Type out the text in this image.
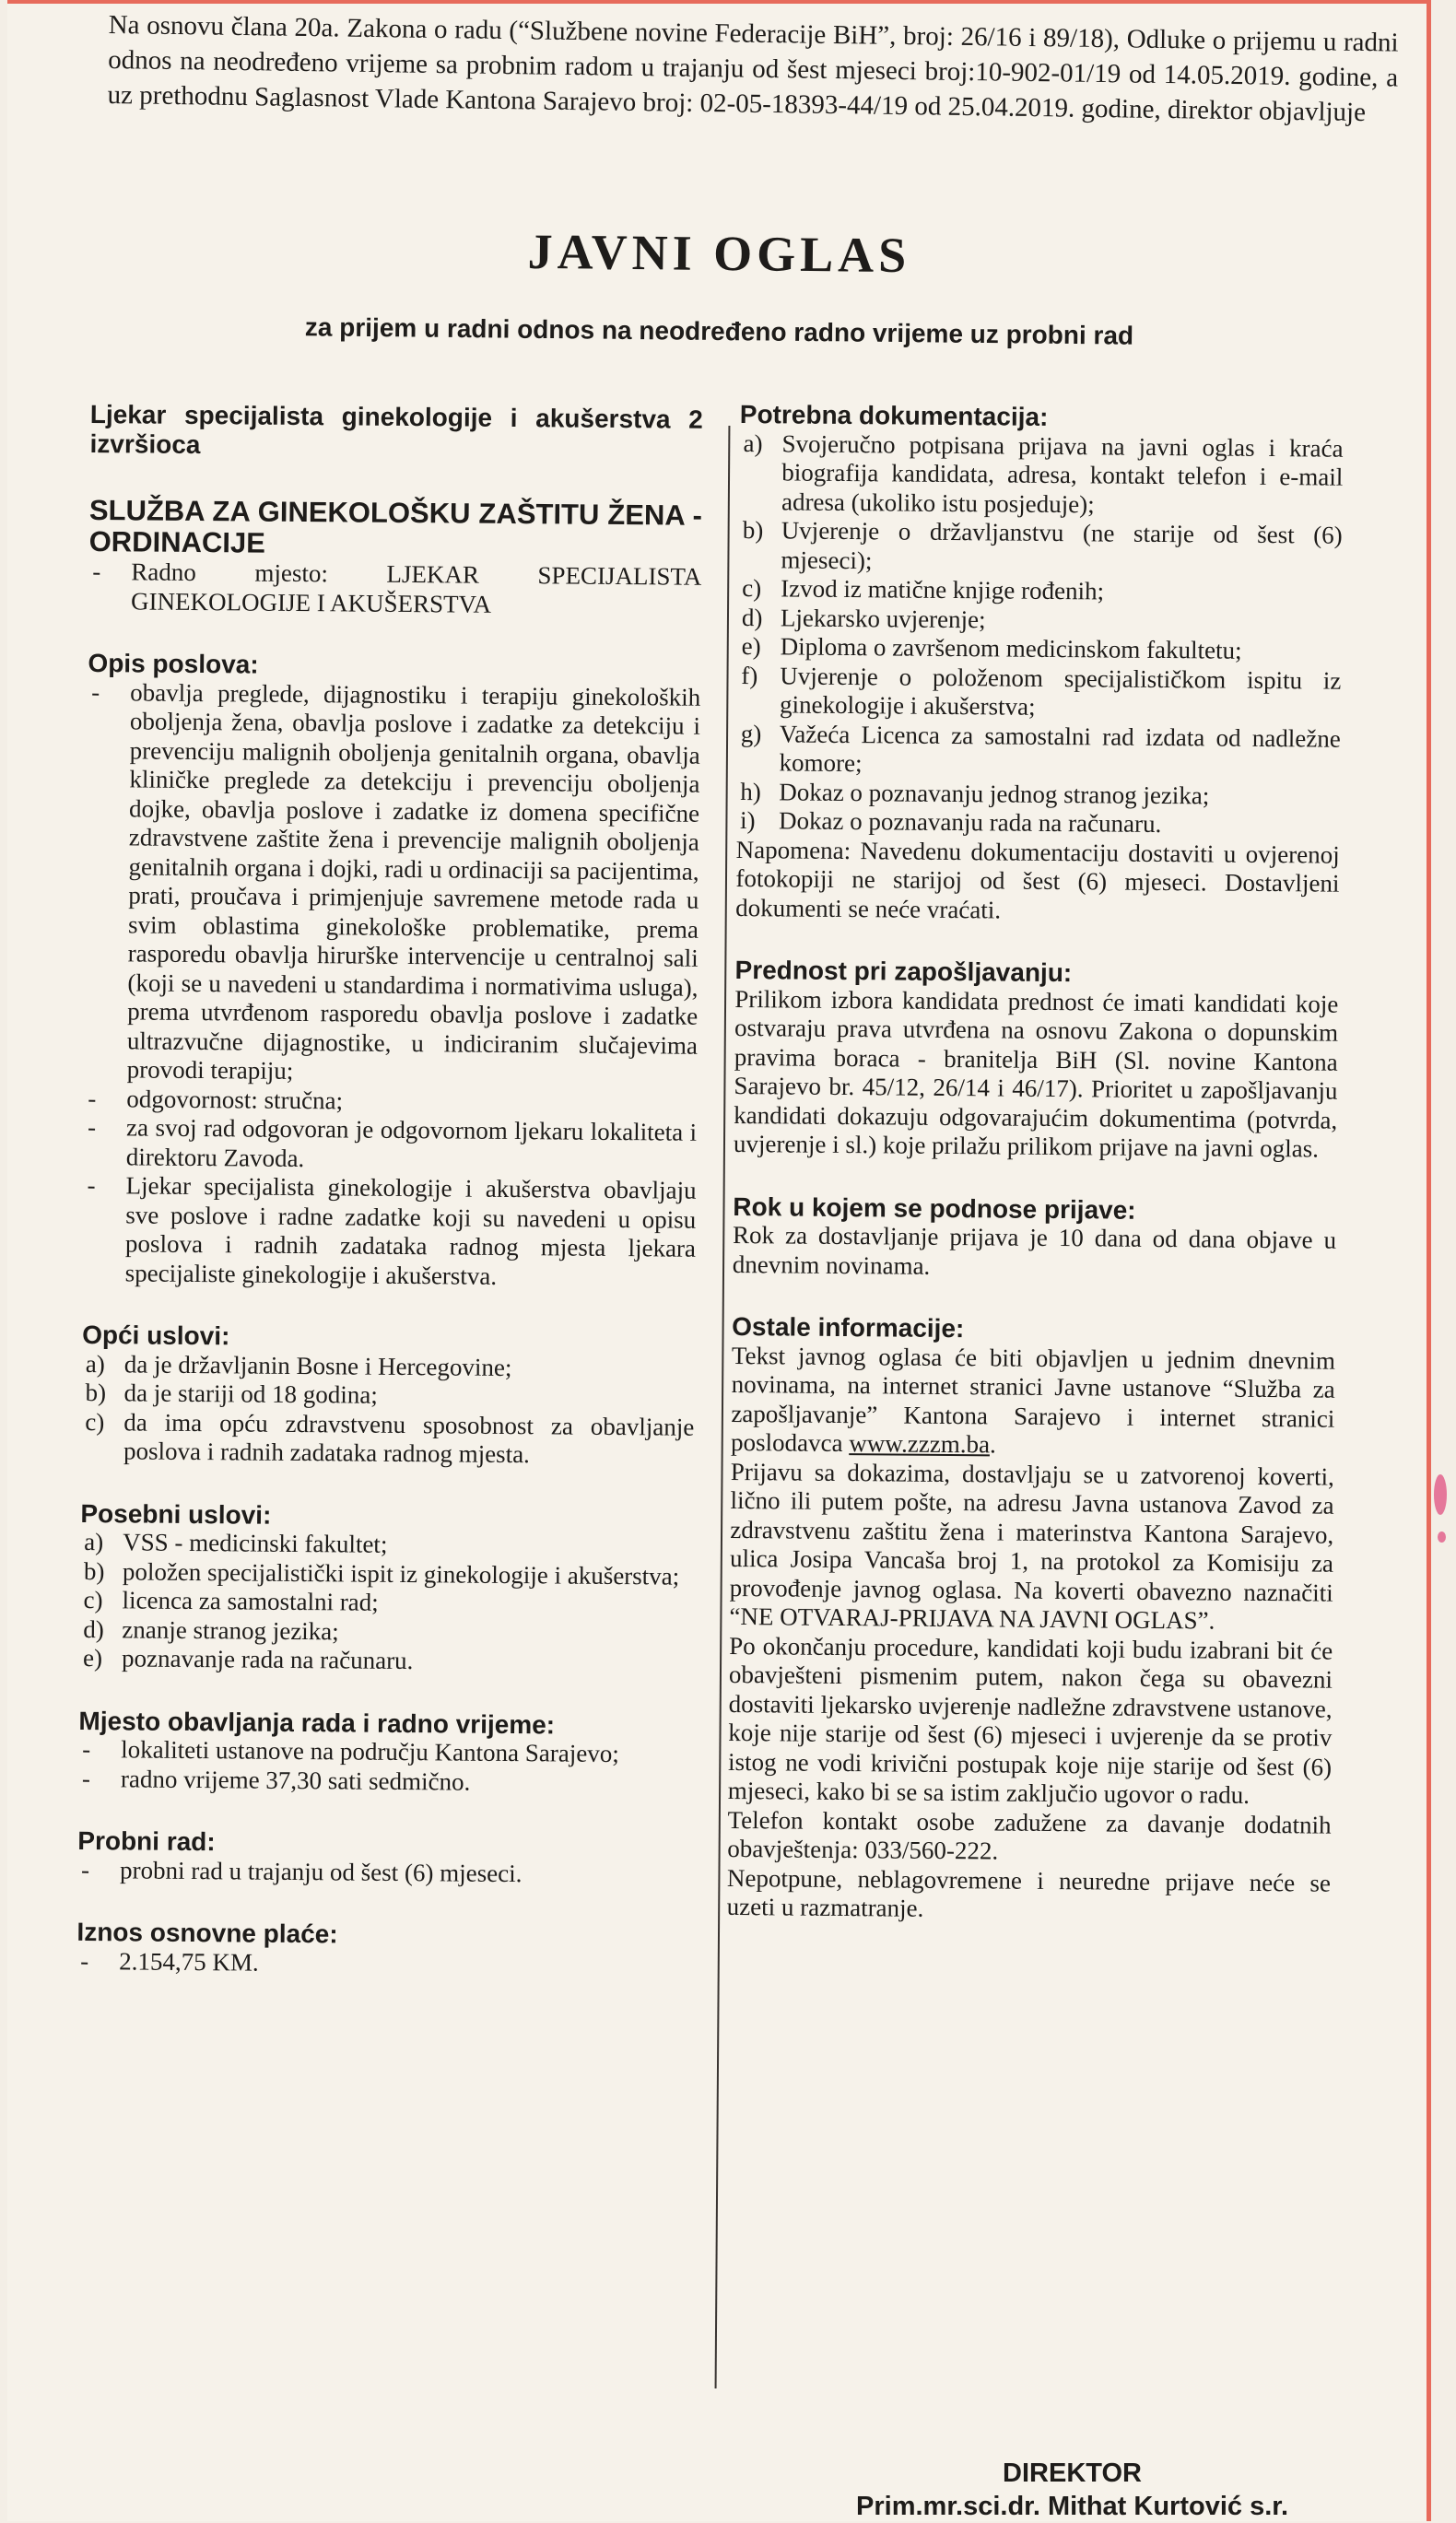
Na osnovu člana 20a. Zakona o radu (“Službene novine Federacije BiH”, broj: 26/16 i 89/18), Odluke o prijemu u radni odnos na neodređeno vrijeme sa probnim radom u trajanju od šest mjeseci broj:10-902-01/19 od 14.05.2019. godine, a uz prethodnu Saglasnost Vlade Kantona Sarajevo broj: 02-05-18393-44/19 od 25.04.2019. godine, direktor objavljuje

JAVNI OGLAS
za prijem u radni odnos na neodređeno radno vrijeme uz probni rad
Ljekar specijalista ginekologije i akušerstva 2 izvršioca
SLUŽBA ZA GINEKOLOŠKU ZAŠTITU ŽENA - ORDINACIJE
-	Radno mjesto: LJEKAR SPECIJALISTA GINEKOLOGIJE I AKUŠERSTVA
Opis poslova:
-	obavlja preglede, dijagnostiku i terapiju ginekoloških oboljenja žena, obavlja poslove i zadatke za detekciju i prevenciju malignih oboljenja genitalnih organa, obavlja kliničke preglede za detekciju i prevenciju oboljenja dojke, obavlja poslove i zadatke iz domena specifične zdravstvene zaštite žena i prevencije malignih oboljenja genitalnih organa i dojki, radi u ordinaciji sa pacijentima, prati, proučava i primjenjuje savremene metode rada u svim oblastima ginekološke problematike, prema rasporedu obavlja hirurške intervencije u centralnoj sali (koji se u navedeni u standardima i normativima usluga), prema utvrđenom rasporedu obavlja poslove i zadatke ultrazvučne dijagnostike, u indiciranim slučajevima provodi terapiju;
-	odgovornost: stručna;
-	za svoj rad odgovoran je odgovornom ljekaru lokaliteta i direktoru Zavoda.
-	Ljekar specijalista ginekologije i akušerstva obavljaju sve poslove i radne zadatke koji su navedeni u opisu poslova i radnih zadataka radnog mjesta ljekara specijaliste ginekologije i akušerstva.
Opći uslovi:
a) da je državljanin Bosne i Hercegovine;
b) da je stariji od 18 godina;
c) da ima opću zdravstvenu sposobnost za obavljanje poslova i radnih zadataka radnog mjesta.
Posebni uslovi:
a) VSS - medicinski fakultet;
b) položen specijalistički ispit iz ginekologije i akušerstva;
c) licenca za samostalni rad;
d) znanje stranog jezika;
e) poznavanje rada na računaru.
Mjesto obavljanja rada i radno vrijeme:
-	lokaliteti ustanove na području Kantona Sarajevo;
-	radno vrijeme 37,30 sati sedmično.
Probni rad:
-	probni rad u trajanju od šest (6) mjeseci.
Iznos osnovne plaće:
-	2.154,75 KM.
Potrebna dokumentacija:
a) Svojeručno potpisana prijava na javni oglas i kraća biografija kandidata, adresa, kontakt telefon i e-mail adresa (ukoliko istu posjeduje);
b) Uvjerenje o državljanstvu (ne starije od šest (6) mjeseci);
c) Izvod iz matične knjige rođenih;
d) Ljekarsko uvjerenje;
e) Diploma o završenom medicinskom fakultetu;
f) Uvjerenje o položenom specijalističkom ispitu iz ginekologije i akušerstva;
g) Važeća Licenca za samostalni rad izdata od nadležne komore;
h) Dokaz o poznavanju jednog stranog jezika;
i) Dokaz o poznavanju rada na računaru.

Napomena: Navedenu dokumentaciju dostaviti u ovjerenoj fotokopiji ne starijoj od šest (6) mjeseci. Dostavljeni dokumenti se neće vraćati.

Prednost pri zapošljavanju:

Prilikom izbora kandidata prednost će imati kandidati koje ostvaraju prava utvrđena na osnovu Zakona o dopunskim pravima boraca - branitelja BiH (Sl. novine Kantona Sarajevo br. 45/12, 26/14 i 46/17). Prioritet u zapošljavanju kandidati dokazuju odgovarajućim dokumentima (potvrda, uvjerenje i sl.) koje prilažu prilikom prijave na javni oglas.

Rok u kojem se podnose prijave:

Rok za dostavljanje prijava je 10 dana od dana objave u dnevnim novinama.

Ostale informacije:

Tekst javnog oglasa će biti objavljen u jednim dnevnim novinama, na internet stranici Javne ustanove “Služba za zapošljavanje” Kantona Sarajevo i internet stranici poslodavca www.zzzm.ba.

Prijavu sa dokazima, dostavljaju se u zatvorenoj koverti, lično ili putem pošte, na adresu Javna ustanova Zavod za zdravstvenu zaštitu žena i materinstva Kantona Sarajevo, ulica Josipa Vancaša broj 1, na protokol za Komisiju za provođenje javnog oglasa. Na koverti obavezno naznačiti “NE OTVARAJ-PRIJAVA NA JAVNI OGLAS”.

Po okončanju procedure, kandidati koji budu izabrani bit će obavješteni pismenim putem, nakon čega su obavezni dostaviti ljekarsko uvjerenje nadležne zdravstvene ustanove, koje nije starije od šest (6) mjeseci i uvjerenje da se protiv istog ne vodi krivični postupak koje nije starije od šest (6) mjeseci, kako bi se sa istim zaključio ugovor o radu.

Telefon kontakt osobe zadužene za davanje dodatnih obavještenja: 033/560-222.

Nepotpune, neblagovremene i neuredne prijave neće se uzeti u razmatranje.

DIREKTOR
Prim.mr.sci.dr. Mithat Kurtović s.r.
